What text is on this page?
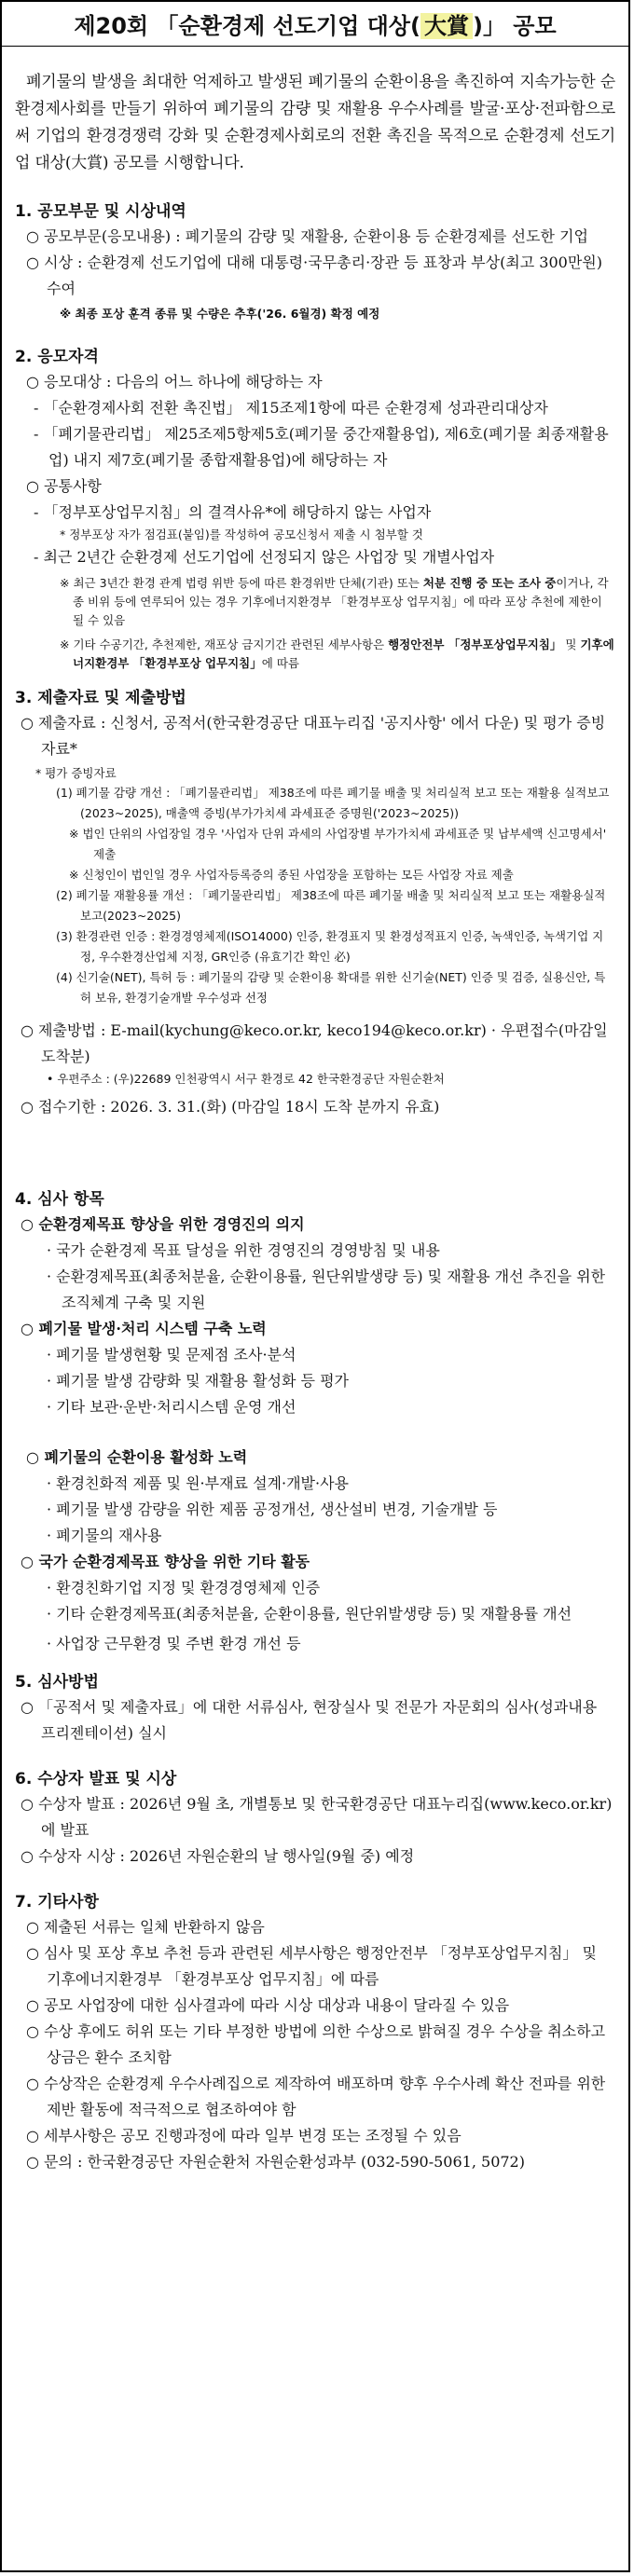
제20회 「순환경제 선도기업 대상( 大賞 )」 공모
폐기물의 발생을 최대한 억제하고 발생된 폐기물의 순환이용을 촉진하여 지속가능한 순환경제사회를 만들기 위하여 폐기물의 감량 및 재활용 우수사례를 발굴·포상·전파함으로써 기업의 환경경쟁력 강화 및 순환경제사회로의 전환 촉진을 목적으로 순환경제 선도기업 대상(大賞) 공모를 시행합니다.
1. 공모부문 및 시상내역
○ 공모부문(응모내용) : 폐기물의 감량 및 재활용, 순환이용 등 순환경제를 선도한 기업
○ 시상 : 순환경제 선도기업에 대해 대통령·국무총리·장관 등 표창과 부상(최고 300만원) 수여
※ 최종 포상 훈격 종류 및 수량은 추후('26. 6월경) 확정 예정
2. 응모자격
○ 응모대상 : 다음의 어느 하나에 해당하는 자
- 「순환경제사회 전환 촉진법」 제15조제1항에 따른 순환경제 성과관리대상자
- 「폐기물관리법」 제25조제5항제5호(폐기물 중간재활용업), 제6호(폐기물 최종재활용업) 내지 제7호(폐기물 종합재활용업)에 해당하는 자
○ 공통사항
- 「정부포상업무지침」의 결격사유*에 해당하지 않는 사업자
* 정부포상 자가 점검표(붙임)를 작성하여 공모신청서 제출 시 첨부할 것
- 최근 2년간 순환경제 선도기업에 선정되지 않은 사업장 및 개별사업자
※ 최근 3년간 환경 관계 법령 위반 등에 따른 환경위반 단체(기관) 또는 처분 진행 중 또는 조사 중이거나, 각종 비위 등에 연루되어 있는 경우 기후에너지환경부 「환경부포상 업무지침」에 따라 포상 추천에 제한이 될 수 있음
※ 기타 수공기간, 추천제한, 재포상 금지기간 관련된 세부사항은 행정안전부 「정부포상업무지침」 및 기후에너지환경부 「환경부포상 업무지침」에 따름
3. 제출자료 및 제출방법
○ 제출자료 : 신청서, 공적서(한국환경공단 대표누리집 '공지사항' 에서 다운) 및 평가 증빙자료*
* 평가 증빙자료
(1) 폐기물 감량 개선 : 「폐기물관리법」 제38조에 따른 폐기물 배출 및 처리실적 보고 또는 재활용 실적보고(2023~2025), 매출액 증빙(부가가치세 과세표준 증명원('2023~2025))
※ 법인 단위의 사업장일 경우 '사업자 단위 과세의 사업장별 부가가치세 과세표준 및 납부세액 신고명세서' 제출
※ 신청인이 법인일 경우 사업자등록증의 종된 사업장을 포함하는 모든 사업장 자료 제출
(2) 폐기물 재활용률 개선 : 「폐기물관리법」 제38조에 따른 폐기물 배출 및 처리실적 보고 또는 재활용실적보고(2023~2025)
(3) 환경관련 인증 : 환경경영체제(ISO14000) 인증, 환경표지 및 환경성적표지 인증, 녹색인증, 녹색기업 지정, 우수환경산업체 지정, GR인증 (유효기간 확인 必)
(4) 신기술(NET), 특허 등 : 폐기물의 감량 및 순환이용 확대를 위한 신기술(NET) 인증 및 검증, 실용신안, 특허 보유, 환경기술개발 우수성과 선정
○ 제출방법 : E-mail(kychung@keco.or.kr, keco194@keco.or.kr) · 우편접수(마감일 도착분)
• 우편주소 : (우)22689 인천광역시 서구 환경로 42 한국환경공단 자원순환처
○ 접수기한 : 2026. 3. 31.(화) (마감일 18시 도착 분까지 유효)
4. 심사 항목
○ 순환경제목표 향상을 위한 경영진의 의지
· 국가 순환경제 목표 달성을 위한 경영진의 경영방침 및 내용
· 순환경제목표(최종처분율, 순환이용률, 원단위발생량 등) 및 재활용 개선 추진을 위한 조직체계 구축 및 지원
○ 폐기물 발생·처리 시스템 구축 노력
· 폐기물 발생현황 및 문제점 조사·분석
· 폐기물 발생 감량화 및 재활용 활성화 등 평가
· 기타 보관·운반·처리시스템 운영 개선
○ 폐기물의 순환이용 활성화 노력
· 환경친화적 제품 및 원·부재료 설계·개발·사용
· 폐기물 발생 감량을 위한 제품 공정개선, 생산설비 변경, 기술개발 등
· 폐기물의 재사용
○ 국가 순환경제목표 향상을 위한 기타 활동
· 환경친화기업 지정 및 환경경영체제 인증
· 기타 순환경제목표(최종처분율, 순환이용률, 원단위발생량 등) 및 재활용률 개선
· 사업장 근무환경 및 주변 환경 개선 등
5. 심사방법
○ 「공적서 및 제출자료」에 대한 서류심사, 현장실사 및 전문가 자문회의 심사(성과내용 프리젠테이션) 실시
6. 수상자 발표 및 시상
○ 수상자 발표 : 2026년 9월 초, 개별통보 및 한국환경공단 대표누리집(www.keco.or.kr)에 발표
○ 수상자 시상 : 2026년 자원순환의 날 행사일(9월 중) 예정
7. 기타사항
○ 제출된 서류는 일체 반환하지 않음
○ 심사 및 포상 후보 추천 등과 관련된 세부사항은 행정안전부 「정부포상업무지침」 및 기후에너지환경부 「환경부포상 업무지침」에 따름
○ 공모 사업장에 대한 심사결과에 따라 시상 대상과 내용이 달라질 수 있음
○ 수상 후에도 허위 또는 기타 부정한 방법에 의한 수상으로 밝혀질 경우 수상을 취소하고 상금은 환수 조치함
○ 수상작은 순환경제 우수사례집으로 제작하여 배포하며 향후 우수사례 확산 전파를 위한 제반 활동에 적극적으로 협조하여야 함
○ 세부사항은 공모 진행과정에 따라 일부 변경 또는 조정될 수 있음
○ 문의 : 한국환경공단 자원순환처 자원순환성과부 (032-590-5061, 5072)
